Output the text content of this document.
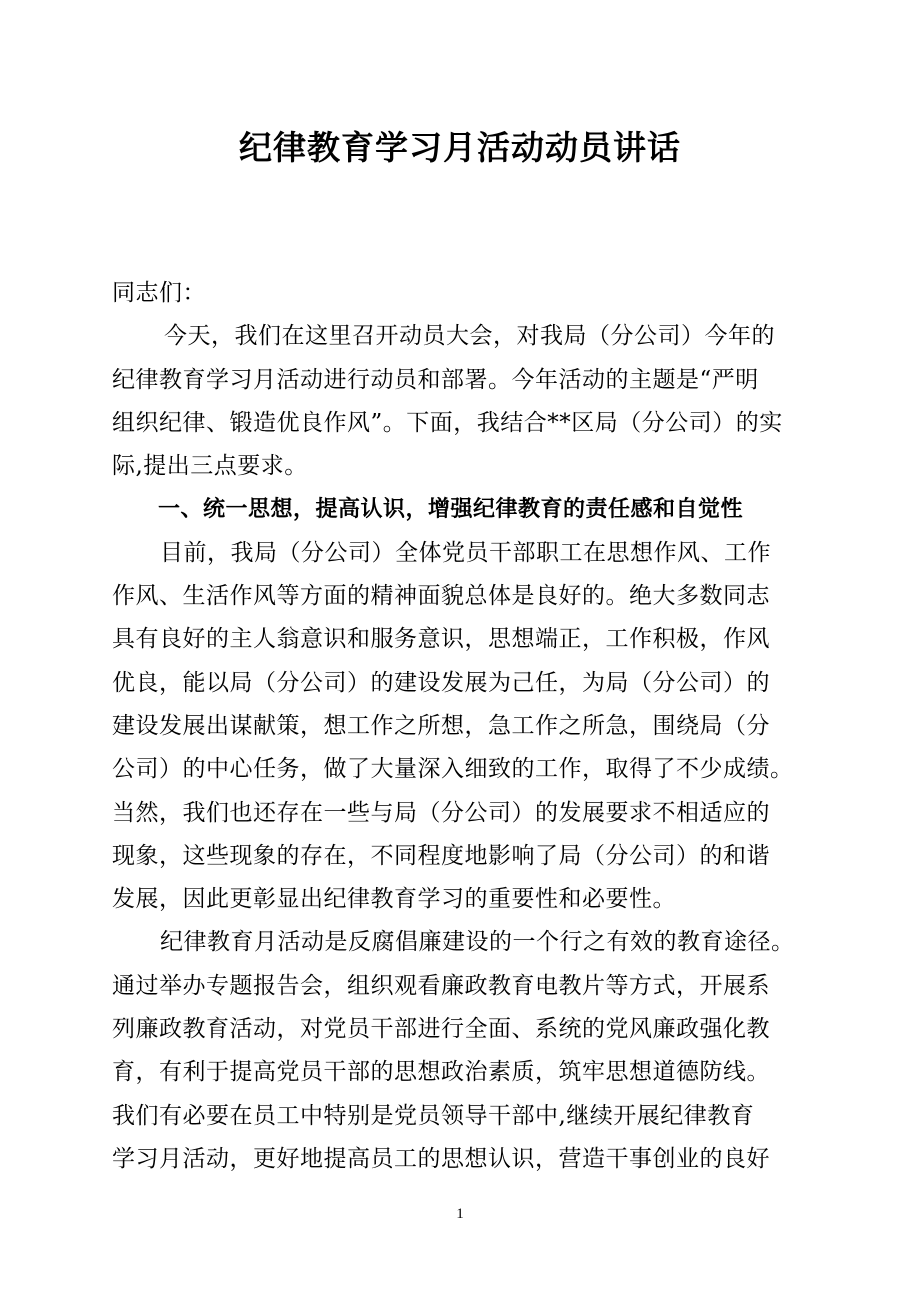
纪律教育学习月活动动员讲话
同志们：
今天，我们在这里召开动员大会，对我局（分公司）今年的
纪律教育学习月活动进行动员和部署。今年活动的主题是“严明
组织纪律、锻造优良作风”。下面，我结合**区局（分公司）的实
际,提出三点要求。
一、统一思想，提高认识，增强纪律教育的责任感和自觉性
目前，我局（分公司）全体党员干部职工在思想作风、工作
作风、生活作风等方面的精神面貌总体是良好的。绝大多数同志
具有良好的主人翁意识和服务意识，思想端正，工作积极，作风
优良，能以局（分公司）的建设发展为己任，为局（分公司）的
建设发展出谋献策，想工作之所想，急工作之所急，围绕局（分
公司）的中心任务，做了大量深入细致的工作，取得了不少成绩。
当然，我们也还存在一些与局（分公司）的发展要求不相适应的
现象，这些现象的存在，不同程度地影响了局（分公司）的和谐
发展，因此更彰显出纪律教育学习的重要性和必要性。
纪律教育月活动是反腐倡廉建设的一个行之有效的教育途径。
通过举办专题报告会，组织观看廉政教育电教片等方式，开展系
列廉政教育活动，对党员干部进行全面、系统的党风廉政强化教
育，有利于提高党员干部的思想政治素质，筑牢思想道德防线。
我们有必要在员工中特别是党员领导干部中,继续开展纪律教育
学习月活动，更好地提高员工的思想认识，营造干事创业的良好
1
